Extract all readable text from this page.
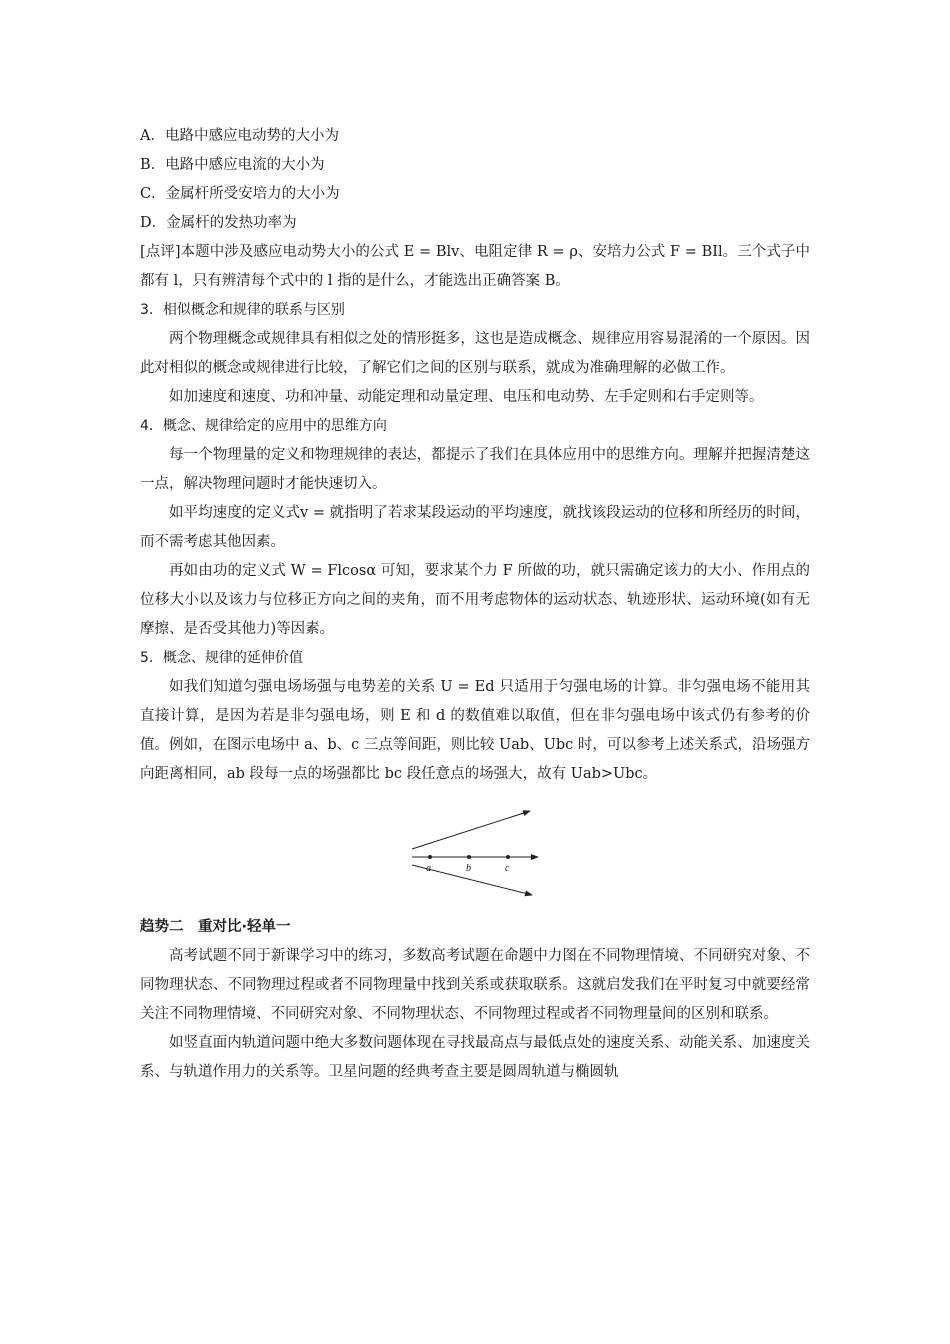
A．电路中感应电动势的大小为

B．电路中感应电流的大小为

C．金属杆所受安培力的大小为

D．金属杆的发热功率为

[点评]本题中涉及感应电动势大小的公式 E = Blv、电阻定律 R = ρ、安培力公式 F = BIl。三个式子中都有 l，只有辨清每个式中的 l 指的是什么，才能选出正确答案 B。

3．相似概念和规律的联系与区别

两个物理概念或规律具有相似之处的情形挺多，这也是造成概念、规律应用容易混淆的一个原因。因此对相似的概念或规律进行比较，了解它们之间的区别与联系，就成为准确理解的必做工作。

如加速度和速度、功和冲量、动能定理和动量定理、电压和电动势、左手定则和右手定则等。

4．概念、规律给定的应用中的思维方向

每一个物理量的定义和物理规律的表达，都提示了我们在具体应用中的思维方向。理解并把握清楚这一点，解决物理问题时才能快速切入。

如平均速度的定义式v = 就指明了若求某段运动的平均速度，就找该段运动的位移和所经历的时间，而不需考虑其他因素。

再如由功的定义式 W = Flcosα 可知，要求某个力 F 所做的功，就只需确定该力的大小、作用点的位移大小以及该力与位移正方向之间的夹角，而不用考虑物体的运动状态、轨迹形状、运动环境(如有无摩擦、是否受其他力)等因素。

5．概念、规律的延伸价值

如我们知道匀强电场场强与电势差的关系 U = Ed 只适用于匀强电场的计算。非匀强电场不能用其直接计算，是因为若是非匀强电场，则 E 和 d 的数值难以取值，但在非匀强电场中该式仍有参考的价值。例如，在图示电场中 a、b、c 三点等间距，则比较 Uab、Ubc 时，可以参考上述关系式，沿场强方向距离相同，ab 段每一点的场强都比 bc 段任意点的场强大，故有 Uab>Ubc。

a	b	c

趋势二　重对比·轻单一

高考试题不同于新课学习中的练习，多数高考试题在命题中力图在不同物理情境、不同研究对象、不同物理状态、不同物理过程或者不同物理量中找到关系或获取联系。这就启发我们在平时复习中就要经常关注不同物理情境、不同研究对象、不同物理状态、不同物理过程或者不同物理量间的区别和联系。

如竖直面内轨道问题中绝大多数问题体现在寻找最高点与最低点处的速度关系、动能关系、加速度关系、与轨道作用力的关系等。卫星问题的经典考查主要是圆周轨道与椭圆轨
